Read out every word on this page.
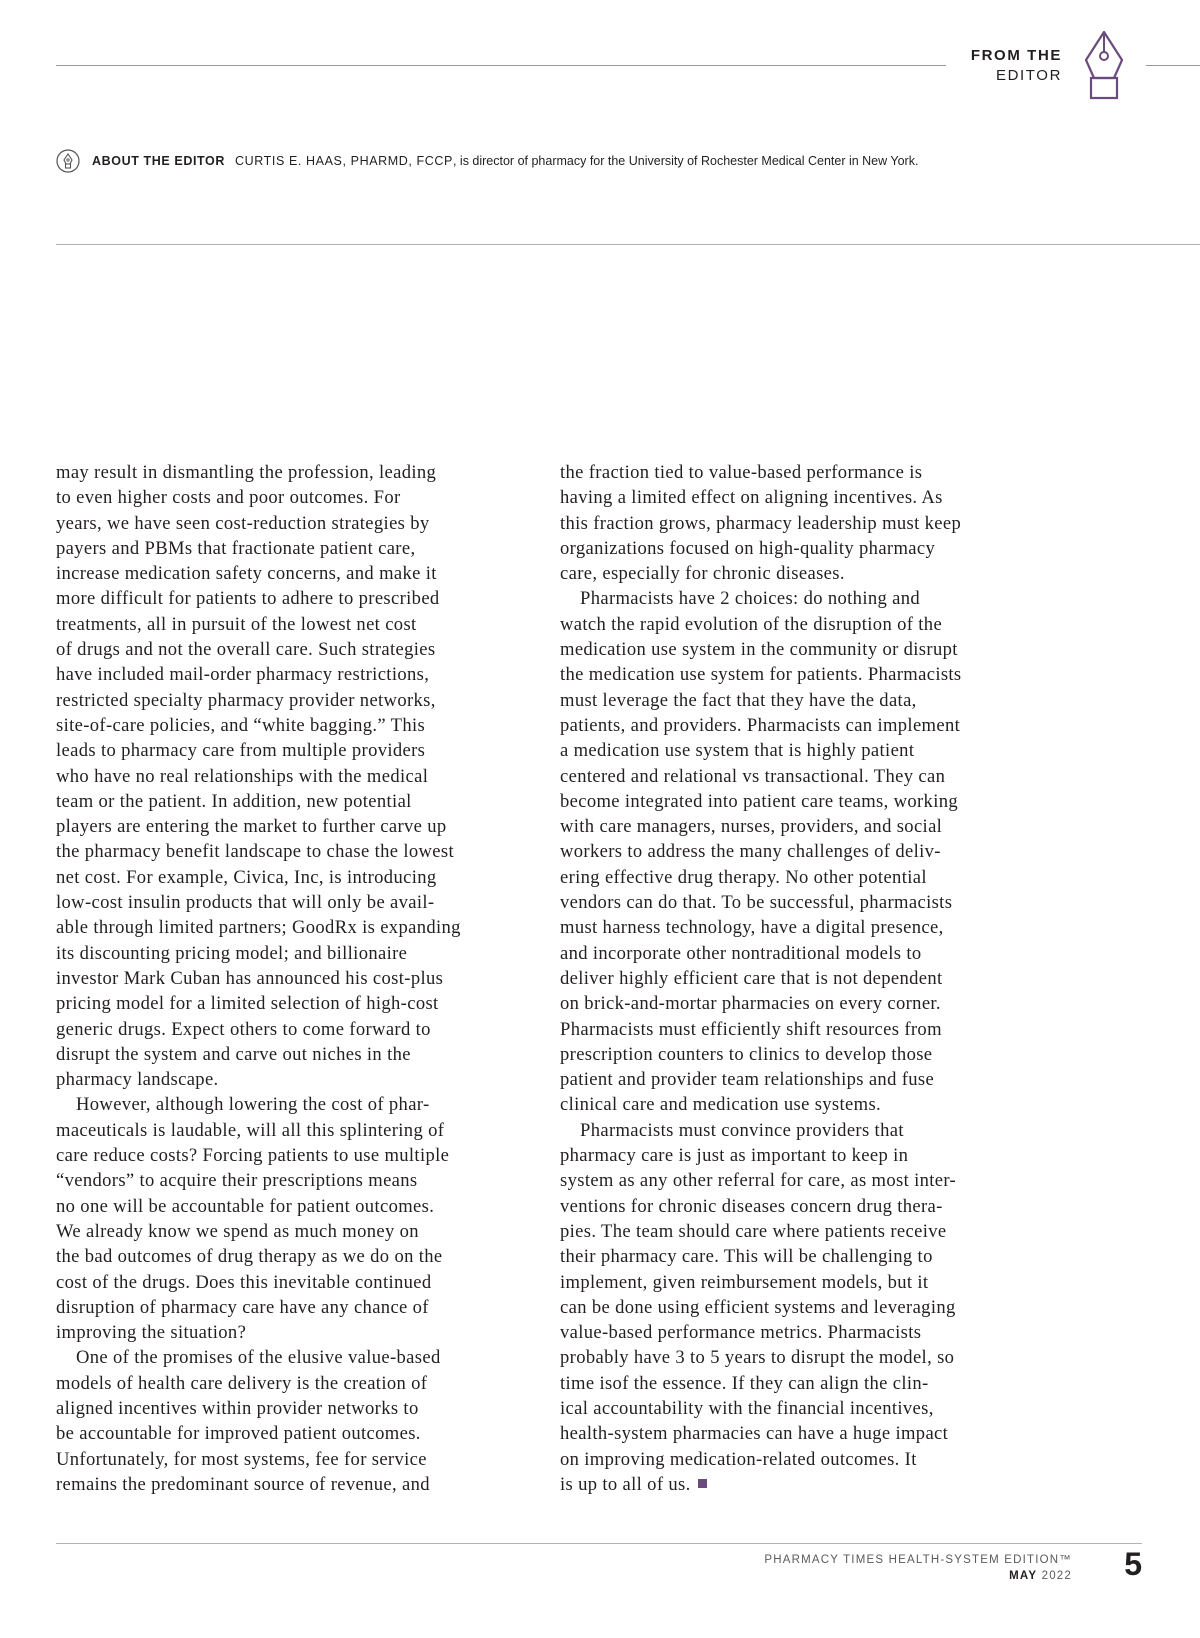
FROM THE
EDITOR
ABOUT THE EDITOR CURTIS E. HAAS, PHARMD, FCCP , is director of pharmacy for the University of Rochester Medical Center in New York.

may result in dismantling the profession, leading
to even higher costs and poor outcomes. For
years, we have seen cost-reduction strategies by
payers and PBMs that fractionate patient care,
increase medication safety concerns, and make it
more difficult for patients to adhere to prescribed
treatments, all in pursuit of the lowest net cost
of drugs and not the overall care. Such strategies
have included mail-order pharmacy restrictions,
restricted specialty pharmacy provider networks,
site-of-care policies, and “white bagging.” This
leads to pharmacy care from multiple providers
who have no real relationships with the medical
team or the patient. In addition, new potential
players are entering the market to further carve up
the pharmacy benefit landscape to chase the lowest
net cost. For example, Civica, Inc, is introducing
low-cost insulin products that will only be avail-
able through limited partners; GoodRx is expanding
its discounting pricing model; and billionaire
investor Mark Cuban has announced his cost-plus
pricing model for a limited selection of high-cost
generic drugs. Expect others to come forward to
disrupt the system and carve out niches in the
pharmacy landscape.

However, although lowering the cost of phar-
maceuticals is laudable, will all this splintering of
care reduce costs? Forcing patients to use multiple
“vendors” to acquire their prescriptions means
no one will be accountable for patient outcomes.
We already know we spend as much money on
the bad outcomes of drug therapy as we do on the
cost of the drugs. Does this inevitable continued
disruption of pharmacy care have any chance of
improving the situation?

One of the promises of the elusive value-based
models of health care delivery is the creation of
aligned incentives within provider networks to
be accountable for improved patient outcomes.
Unfortunately, for most systems, fee for service
remains the predominant source of revenue, and

the fraction tied to value-based performance is
having a limited effect on aligning incentives. As
this fraction grows, pharmacy leadership must keep
organizations focused on high-quality pharmacy
care, especially for chronic diseases.

Pharmacists have 2 choices: do nothing and
watch the rapid evolution of the disruption of the
medication use system in the community or disrupt
the medication use system for patients. Pharmacists
must leverage the fact that they have the data,
patients, and providers. Pharmacists can implement
a medication use system that is highly patient
centered and relational vs transactional. They can
become integrated into patient care teams, working
with care managers, nurses, providers, and social
workers to address the many challenges of deliv-
ering effective drug therapy. No other potential
vendors can do that. To be successful, pharmacists
must harness technology, have a digital presence,
and incorporate other nontraditional models to
deliver highly efficient care that is not dependent
on brick-and-mortar pharmacies on every corner.
Pharmacists must efficiently shift resources from
prescription counters to clinics to develop those
patient and provider team relationships and fuse
clinical care and medication use systems.

Pharmacists must convince providers that
pharmacy care is just as important to keep in
system as any other referral for care, as most inter-
ventions for chronic diseases concern drug thera-
pies. The team should care where patients receive
their pharmacy care. This will be challenging to
implement, given reimbursement models, but it
can be done using efficient systems and leveraging
value-based performance metrics. Pharmacists
probably have 3 to 5 years to disrupt the model, so
time isof the essence. If they can align the clin-
ical accountability with the financial incentives,
health-system pharmacies can have a huge impact
on improving medication-related outcomes. It
is up to all of us.

PHARMACY TIMES HEALTH-SYSTEM EDITION™
MAY 2022 5
